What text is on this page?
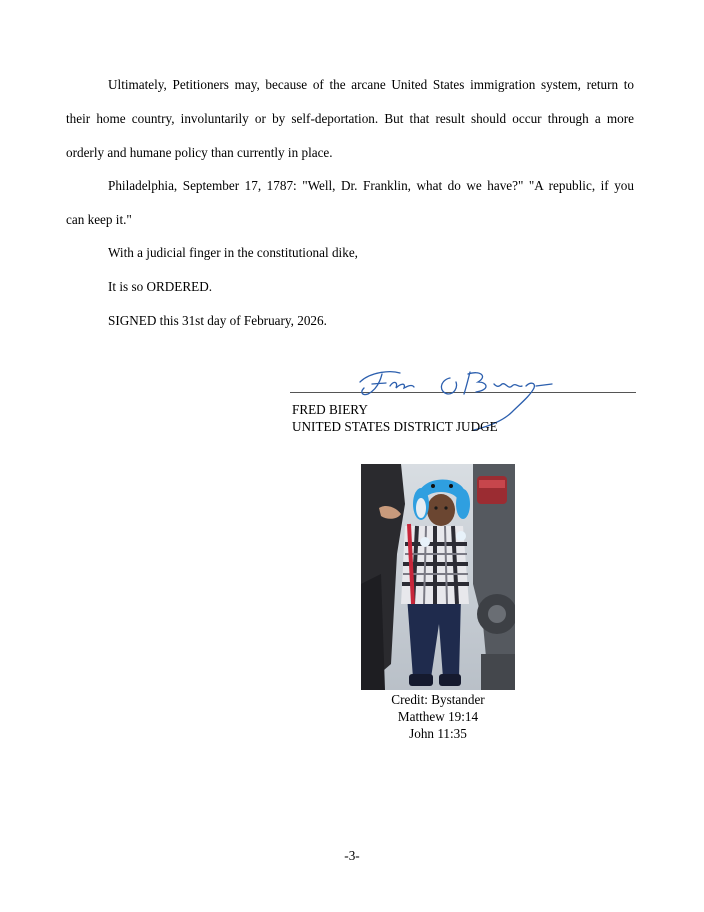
Ultimately, Petitioners may, because of the arcane United States immigration system, return to
their home country, involuntarily or by self-deportation. But that result should occur through a more
orderly and humane policy than currently in place.
Philadelphia, September 17, 1787: "Well, Dr. Franklin, what do we have?" "A republic, if you
can keep it."
With a judicial finger in the constitutional dike,
It is so ORDERED.
SIGNED this 31st day of February, 2026.
FRED BIERY
UNITED STATES DISTRICT JUDGE
Credit: Bystander
Matthew 19:14
John 11:35
-3-
